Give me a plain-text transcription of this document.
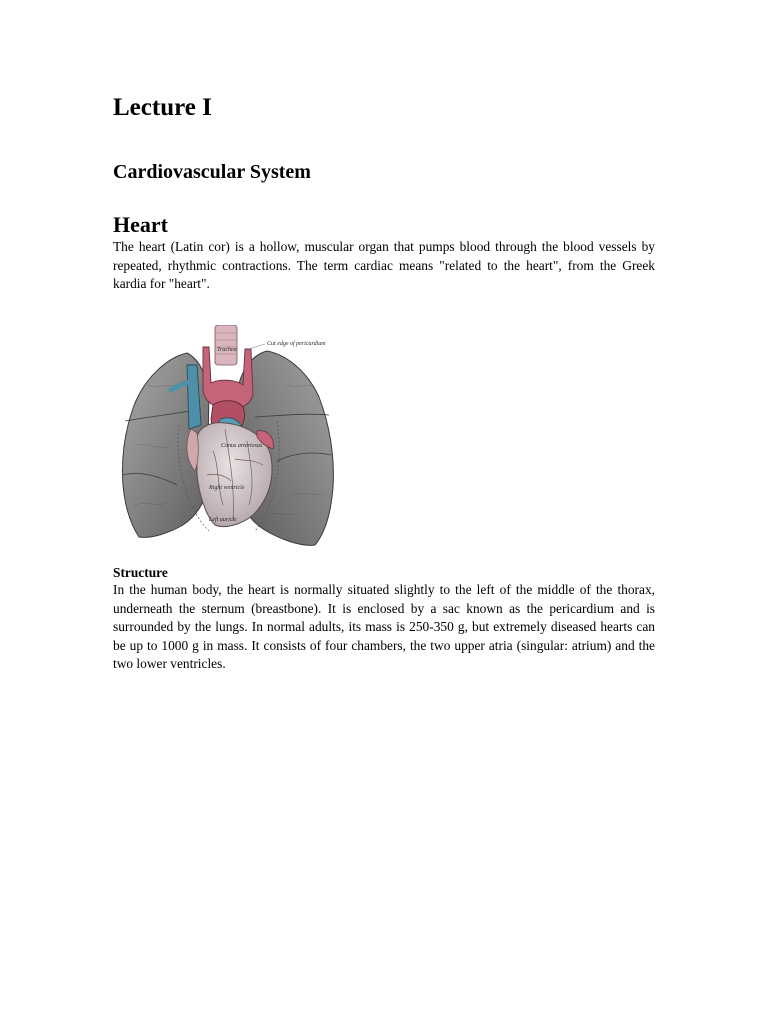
Lecture I
Cardiovascular System
Heart

The heart (Latin cor) is a hollow, muscular organ that pumps blood through the blood vessels by repeated, rhythmic contractions. The term cardiac means "related to the heart", from the Greek kardia for "heart".

Trachea
Cut edge of pericardium
Conus arteriosus
Right ventricle
Left auricle
Structure

In the human body, the heart is normally situated slightly to the left of the middle of the thorax, underneath the sternum (breastbone). It is enclosed by a sac known as the pericardium and is surrounded by the lungs. In normal adults, its mass is 250-350 g, but extremely diseased hearts can be up to 1000 g in mass. It consists of four chambers, the two upper atria (singular: atrium) and the two lower ventricles.
